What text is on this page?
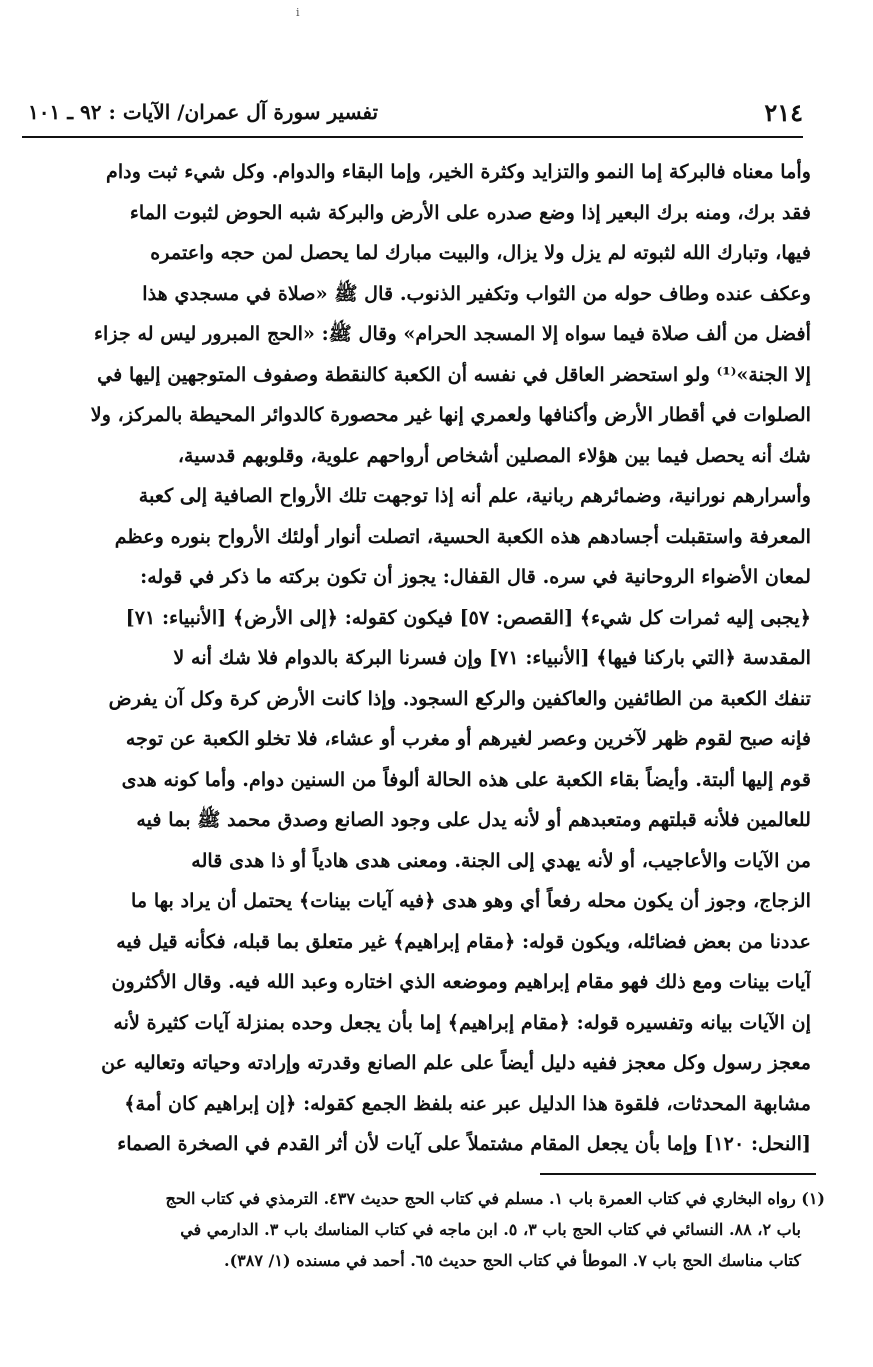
ⅰ
٢١٤
تفسير سورة آل عمران/ الآيات : ٩٢ ـ ١٠١
وأما معناه فالبركة إما النمو والتزايد وكثرة الخير، وإما البقاء والدوام. وكل شيء ثبت ودام
فقد برك، ومنه برك البعير إذا وضع صدره على الأرض والبركة شبه الحوض لثبوت الماء
فيها، وتبارك الله لثبوته لم يزل ولا يزال، والبيت مبارك لما يحصل لمن حجه واعتمره
وعكف عنده وطاف حوله من الثواب وتكفير الذنوب. قال ﷺ «صلاة في مسجدي هذا
أفضل من ألف صلاة فيما سواه إلا المسجد الحرام» وقال ﷺ: «الحج المبرور ليس له جزاء
إلا الجنة»⁽¹⁾ ولو استحضر العاقل في نفسه أن الكعبة كالنقطة وصفوف المتوجهين إليها في
الصلوات في أقطار الأرض وأكنافها ولعمري إنها غير محصورة كالدوائر المحيطة بالمركز، ولا
شك أنه يحصل فيما بين هؤلاء المصلين أشخاص أرواحهم علوية، وقلوبهم قدسية،
وأسرارهم نورانية، وضمائرهم ربانية، علم أنه إذا توجهت تلك الأرواح الصافية إلى كعبة
المعرفة واستقبلت أجسادهم هذه الكعبة الحسية، اتصلت أنوار أولئك الأرواح بنوره وعظم
لمعان الأضواء الروحانية في سره. قال القفال: يجوز أن تكون بركته ما ذكر في قوله:
﴿يجبى إليه ثمرات كل شيء﴾ [القصص: ٥٧] فيكون كقوله: ﴿إلى الأرض﴾ [الأنبياء: ٧١]
المقدسة ﴿التي باركنا فيها﴾ [الأنبياء: ٧١] وإن فسرنا البركة بالدوام فلا شك أنه لا
تنفك الكعبة من الطائفين والعاكفين والركع السجود. وإذا كانت الأرض كرة وكل آن يفرض
فإنه صبح لقوم ظهر لآخرين وعصر لغيرهم أو مغرب أو عشاء، فلا تخلو الكعبة عن توجه
قوم إليها ألبتة. وأيضاً بقاء الكعبة على هذه الحالة ألوفاً من السنين دوام. وأما كونه هدى
للعالمين فلأنه قبلتهم ومتعبدهم أو لأنه يدل على وجود الصانع وصدق محمد ﷺ بما فيه
من الآيات والأعاجيب، أو لأنه يهدي إلى الجنة. ومعنى هدى هادياً أو ذا هدى قاله
الزجاج، وجوز أن يكون محله رفعاً أي وهو هدى ﴿فيه آيات بينات﴾ يحتمل أن يراد بها ما
عددنا من بعض فضائله، ويكون قوله: ﴿مقام إبراهيم﴾ غير متعلق بما قبله، فكأنه قيل فيه
آيات بينات ومع ذلك فهو مقام إبراهيم وموضعه الذي اختاره وعبد الله فيه. وقال الأكثرون
إن الآيات بيانه وتفسيره قوله: ﴿مقام إبراهيم﴾ إما بأن يجعل وحده بمنزلة آيات كثيرة لأنه
معجز رسول وكل معجز ففيه دليل أيضاً على علم الصانع وقدرته وإرادته وحياته وتعاليه عن
مشابهة المحدثات، فلقوة هذا الدليل عبر عنه بلفظ الجمع كقوله: ﴿إن إبراهيم كان أمة﴾
[النحل: ١٢٠] وإما بأن يجعل المقام مشتملاً على آيات لأن أثر القدم في الصخرة الصماء
(١) رواه البخاري في كتاب العمرة باب ١. مسلم في كتاب الحج حديث ٤٣٧. الترمذي في كتاب الحج
باب ٢، ٨٨. النسائي في كتاب الحج باب ٣، ٥. ابن ماجه في كتاب المناسك باب ٣. الدارمي في
كتاب مناسك الحج باب ٧. الموطأ في كتاب الحج حديث ٦٥. أحمد في مسنده (١/ ٣٨٧).
